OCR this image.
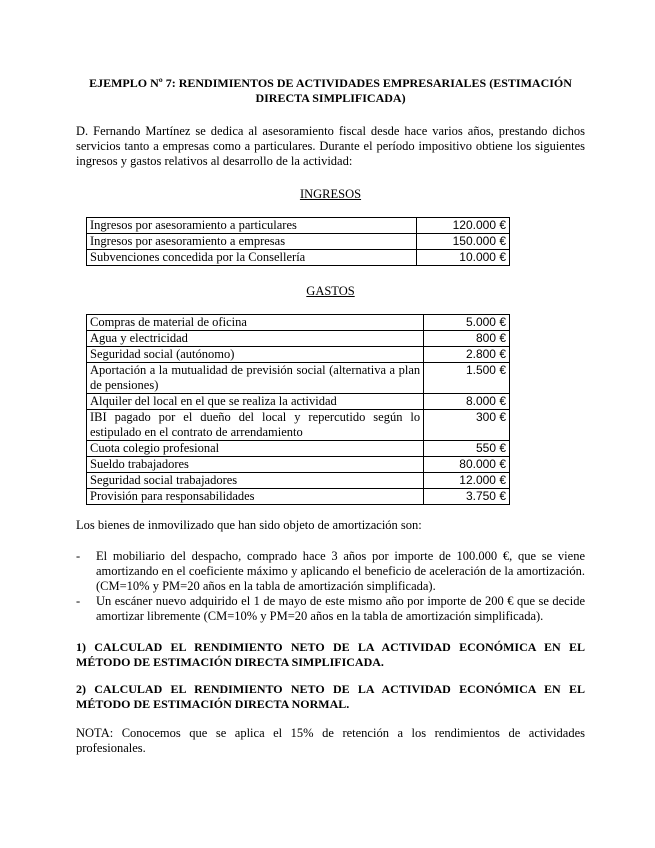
EJEMPLO Nº 7: RENDIMIENTOS DE ACTIVIDADES EMPRESARIALES (ESTIMACIÓN DIRECTA SIMPLIFICADA)

D. Fernando Martínez se dedica al asesoramiento fiscal desde hace varios años, prestando dichos servicios tanto a empresas como a particulares. Durante el período impositivo obtiene los siguientes ingresos y gastos relativos al desarrollo de la actividad:

INGRESOS

Ingresos por asesoramiento a particulares	120.000 €
Ingresos por asesoramiento a empresas	150.000 €
Subvenciones concedida por la Consellería	10.000 €

GASTOS

Compras de material de oficina	5.000 €
Agua y electricidad	800 €
Seguridad social (autónomo)	2.800 €
Aportación a la mutualidad de previsión social (alternativa a plan de pensiones)	1.500 €
Alquiler del local en el que se realiza la actividad	8.000 €
IBI pagado por el dueño del local y repercutido según lo estipulado en el contrato de arrendamiento	300 €
Cuota colegio profesional	550 €
Sueldo trabajadores	80.000 €
Seguridad social trabajadores	12.000 €
Provisión para responsabilidades	3.750 €

Los bienes de inmovilizado que han sido objeto de amortización son:

- El mobiliario del despacho, comprado hace 3 años por importe de 100.000 €, que se viene amortizando en el coeficiente máximo y aplicando el beneficio de aceleración de la amortización. (CM=10% y PM=20 años en la tabla de amortización simplificada).
- Un escáner nuevo adquirido el 1 de mayo de este mismo año por importe de 200 € que se decide amortizar libremente (CM=10% y PM=20 años en la tabla de amortización simplificada).

1) CALCULAD EL RENDIMIENTO NETO DE LA ACTIVIDAD ECONÓMICA EN EL MÉTODO DE ESTIMACIÓN DIRECTA SIMPLIFICADA.

2) CALCULAD EL RENDIMIENTO NETO DE LA ACTIVIDAD ECONÓMICA EN EL MÉTODO DE ESTIMACIÓN DIRECTA NORMAL.

NOTA: Conocemos que se aplica el 15% de retención a los rendimientos de actividades profesionales.
